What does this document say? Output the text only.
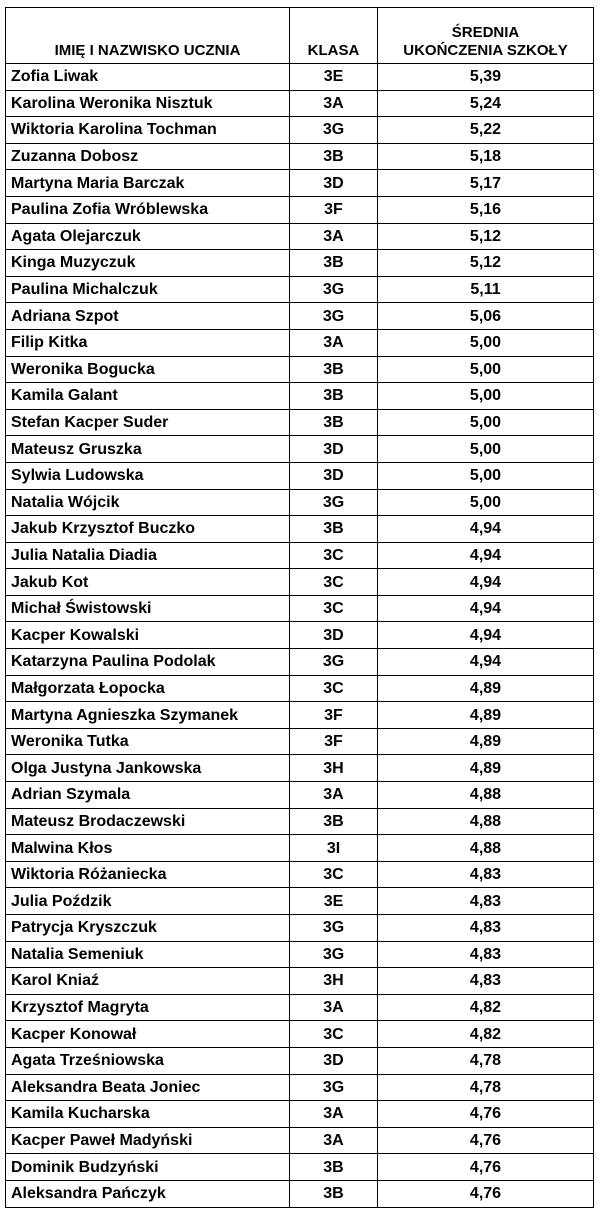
IMIĘ I NAZWISKO UCZNIA	KLASA	ŚREDNIA
UKOŃCZENIA SZKOŁY

Zofia Liwak	3E	5,39
Karolina Weronika Nisztuk	3A	5,24
Wiktoria Karolina Tochman	3G	5,22
Zuzanna Dobosz	3B	5,18
Martyna Maria Barczak	3D	5,17
Paulina Zofia Wróblewska	3F	5,16
Agata Olejarczuk	3A	5,12
Kinga Muzyczuk	3B	5,12
Paulina Michalczuk	3G	5,11
Adriana Szpot	3G	5,06
Filip Kitka	3A	5,00
Weronika Bogucka	3B	5,00
Kamila Galant	3B	5,00
Stefan Kacper Suder	3B	5,00
Mateusz Gruszka	3D	5,00
Sylwia Ludowska	3D	5,00
Natalia Wójcik	3G	5,00
Jakub Krzysztof Buczko	3B	4,94
Julia Natalia Diadia	3C	4,94
Jakub Kot	3C	4,94
Michał Świstowski	3C	4,94
Kacper Kowalski	3D	4,94
Katarzyna Paulina Podolak	3G	4,94
Małgorzata Łopocka	3C	4,89
Martyna Agnieszka Szymanek	3F	4,89
Weronika Tutka	3F	4,89
Olga Justyna Jankowska	3H	4,89
Adrian Szymala	3A	4,88
Mateusz Brodaczewski	3B	4,88
Malwina Kłos	3I	4,88
Wiktoria Różaniecka	3C	4,83
Julia Poździk	3E	4,83
Patrycja Kryszczuk	3G	4,83
Natalia Semeniuk	3G	4,83
Karol Kniaź	3H	4,83
Krzysztof Magryta	3A	4,82
Kacper Konował	3C	4,82
Agata Trześniowska	3D	4,78
Aleksandra Beata Joniec	3G	4,78
Kamila Kucharska	3A	4,76
Kacper Paweł Madyński	3A	4,76
Dominik Budzyński	3B	4,76
Aleksandra Pańczyk	3B	4,76
